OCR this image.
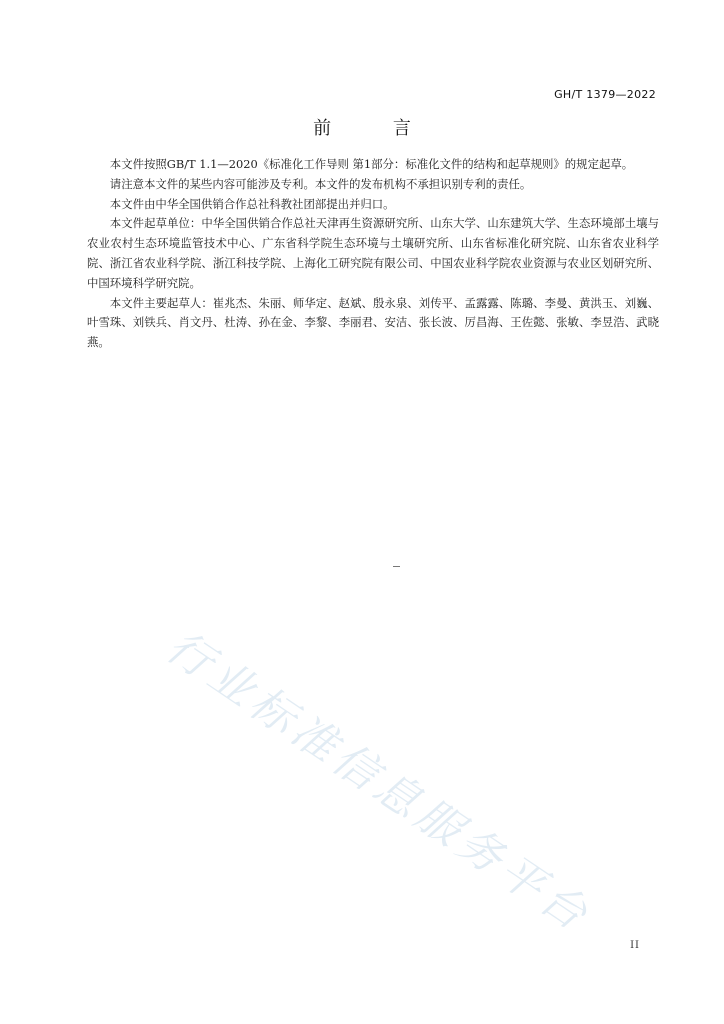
GH/T 1379—2022
前 言

本文件按照GB/T 1.1—2020《标准化工作导则 第1部分：标准化文件的结构和起草规则》的规定起草。

请注意本文件的某些内容可能涉及专利。本文件的发布机构不承担识别专利的责任。

本文件由中华全国供销合作总社科教社团部提出并归口。

本文件起草单位：中华全国供销合作总社天津再生资源研究所、山东大学、山东建筑大学、生态环境部土壤与农业农村生态环境监管技术中心、广东省科学院生态环境与土壤研究所、山东省标准化研究院、山东省农业科学院、浙江省农业科学院、浙江科技学院、上海化工研究院有限公司、中国农业科学院农业资源与农业区划研究所、中国环境科学研究院。

本文件主要起草人：崔兆杰、朱丽、师华定、赵斌、殷永泉、刘传平、孟露露、陈璐、李曼、黄洪玉、刘巍、叶雪珠、刘铁兵、肖文丹、杜涛、孙在金、李黎、李丽君、安洁、张长波、厉昌海、王佐懿、张敏、李昱浩、武晓燕。

行业标准信息服务平台
II
